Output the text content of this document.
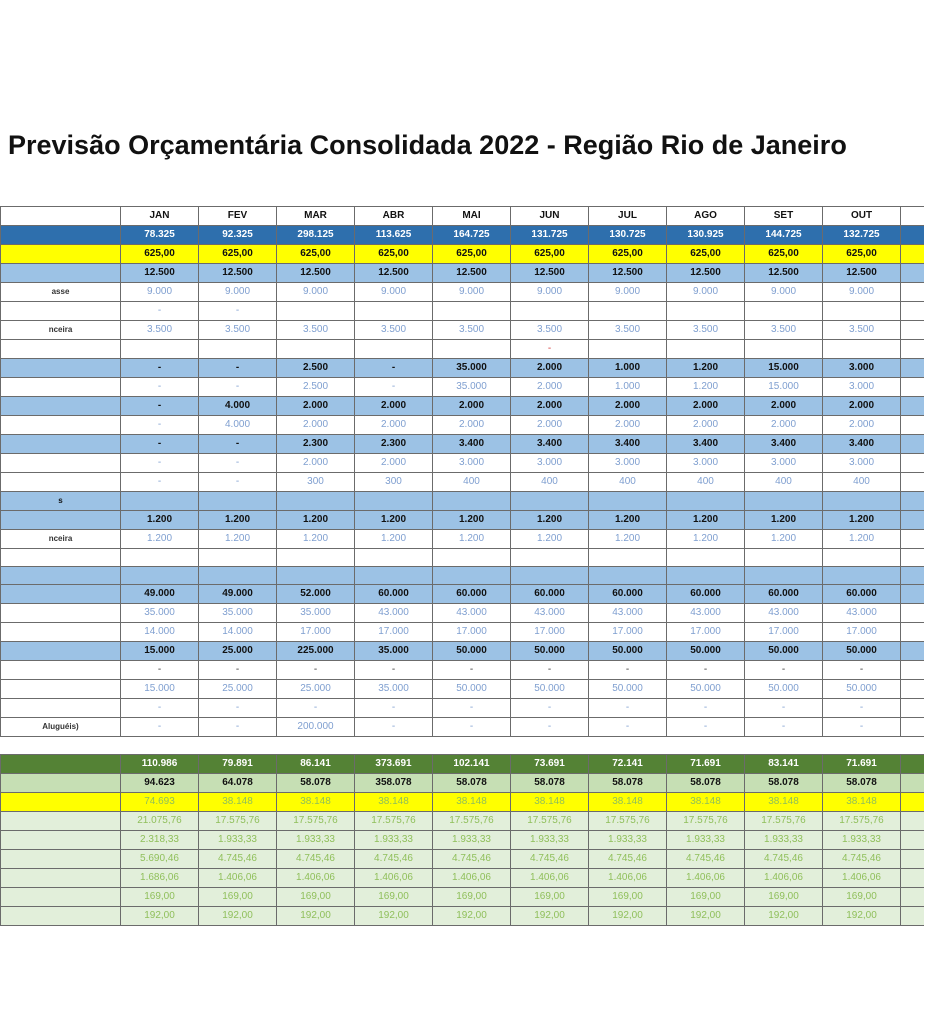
Previsão Orçamentária Consolidada 2022 - Região Rio de Janeiro
	JAN	FEV	MAR	ABR	MAI	JUN	JUL	AGO	SET	OUT	
	78.325	92.325	298.125	113.625	164.725	131.725	130.725	130.925	144.725	132.725	
	625,00	625,00	625,00	625,00	625,00	625,00	625,00	625,00	625,00	625,00	
	12.500	12.500	12.500	12.500	12.500	12.500	12.500	12.500	12.500	12.500	
asse	9.000	9.000	9.000	9.000	9.000	9.000	9.000	9.000	9.000	9.000	
	-	-									
nceira	3.500	3.500	3.500	3.500	3.500	3.500	3.500	3.500	3.500	3.500	
						-					
	-	-	2.500	-	35.000	2.000	1.000	1.200	15.000	3.000	
	-	-	2.500	-	35.000	2.000	1.000	1.200	15.000	3.000	
	-	4.000	2.000	2.000	2.000	2.000	2.000	2.000	2.000	2.000	
	-	4.000	2.000	2.000	2.000	2.000	2.000	2.000	2.000	2.000	
	-	-	2.300	2.300	3.400	3.400	3.400	3.400	3.400	3.400	
	-	-	2.000	2.000	3.000	3.000	3.000	3.000	3.000	3.000	
	-	-	300	300	400	400	400	400	400	400	
s											
	1.200	1.200	1.200	1.200	1.200	1.200	1.200	1.200	1.200	1.200	
nceira	1.200	1.200	1.200	1.200	1.200	1.200	1.200	1.200	1.200	1.200	

	49.000	49.000	52.000	60.000	60.000	60.000	60.000	60.000	60.000	60.000	
	35.000	35.000	35.000	43.000	43.000	43.000	43.000	43.000	43.000	43.000	
	14.000	14.000	17.000	17.000	17.000	17.000	17.000	17.000	17.000	17.000	
	15.000	25.000	225.000	35.000	50.000	50.000	50.000	50.000	50.000	50.000	
	-	-	-	-	-	-	-	-	-	-	
	15.000	25.000	25.000	35.000	50.000	50.000	50.000	50.000	50.000	50.000	
	-	-	-	-	-	-	-	-	-	-	
Aluguéis)	-	-	200.000	-	-	-	-	-	-	-	

	110.986	79.891	86.141	373.691	102.141	73.691	72.141	71.691	83.141	71.691	
	94.623	64.078	58.078	358.078	58.078	58.078	58.078	58.078	58.078	58.078	
	74.693	38.148	38.148	38.148	38.148	38.148	38.148	38.148	38.148	38.148	
	21.075,76	17.575,76	17.575,76	17.575,76	17.575,76	17.575,76	17.575,76	17.575,76	17.575,76	17.575,76	
	2.318,33	1.933,33	1.933,33	1.933,33	1.933,33	1.933,33	1.933,33	1.933,33	1.933,33	1.933,33	
	5.690,46	4.745,46	4.745,46	4.745,46	4.745,46	4.745,46	4.745,46	4.745,46	4.745,46	4.745,46	
	1.686,06	1.406,06	1.406,06	1.406,06	1.406,06	1.406,06	1.406,06	1.406,06	1.406,06	1.406,06	
	169,00	169,00	169,00	169,00	169,00	169,00	169,00	169,00	169,00	169,00	
	192,00	192,00	192,00	192,00	192,00	192,00	192,00	192,00	192,00	192,00	
